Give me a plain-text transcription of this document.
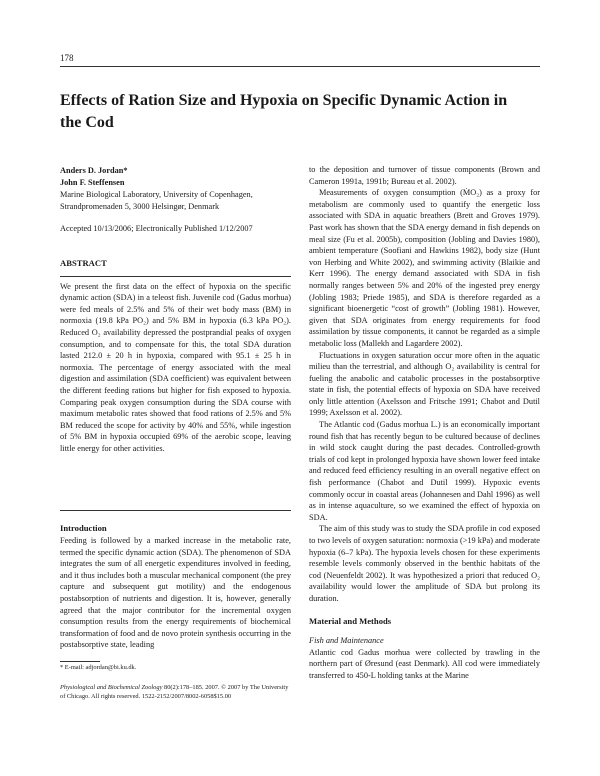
178
Effects of Ration Size and Hypoxia on Specific Dynamic Action in the Cod
Anders D. Jordan*
John F. Steffensen
Marine Biological Laboratory, University of Copenhagen,
Strandpromenaden 5, 3000 Helsingør, Denmark
Accepted 10/13/2006; Electronically Published 1/12/2007
ABSTRACT

We present the first data on the effect of hypoxia on the specific dynamic action (SDA) in a teleost fish. Juvenile cod (Gadus morhua) were fed meals of 2.5% and 5% of their wet body mass (BM) in normoxia (19.8 kPa PO₂) and 5% BM in hypoxia (6.3 kPa PO₂). Reduced O₂ availability depressed the postprandial peaks of oxygen consumption, and to compensate for this, the total SDA duration lasted 212.0 ± 20 h in hypoxia, compared with 95.1 ± 25 h in normoxia. The percentage of energy associated with the meal digestion and assimilation (SDA coefficient) was equivalent between the different feeding rations but higher for fish exposed to hypoxia. Comparing peak oxygen consumption during the SDA course with maximum metabolic rates showed that food rations of 2.5% and 5% BM reduced the scope for activity by 40% and 55%, while ingestion of 5% BM in hypoxia occupied 69% of the aerobic scope, leaving little energy for other activities.

Introduction

Feeding is followed by a marked increase in the metabolic rate, termed the specific dynamic action (SDA). The phenomenon of SDA integrates the sum of all energetic expenditures involved in feeding, and it thus includes both a muscular mechanical component (the prey capture and subsequent gut motility) and the endogenous postabsorption of nutrients and digestion. It is, however, generally agreed that the major contributor for the incremental oxygen consumption results from the energy requirements of biochemical transformation of food and de novo protein synthesis occurring in the postabsorptive state, leading

to the deposition and turnover of tissue components (Brown and Cameron 1991a, 1991b; Bureau et al. 2002).

Measurements of oxygen consumption (ṀO₂) as a proxy for metabolism are commonly used to quantify the energetic loss associated with SDA in aquatic breathers (Brett and Groves 1979). Past work has shown that the SDA energy demand in fish depends on meal size (Fu et al. 2005b), composition (Jobling and Davies 1980), ambient temperature (Soofiani and Hawkins 1982), body size (Hunt von Herbing and White 2002), and swimming activity (Blaikie and Kerr 1996). The energy demand associated with SDA in fish normally ranges between 5% and 20% of the ingested prey energy (Jobling 1983; Priede 1985), and SDA is therefore regarded as a significant bioenergetic “cost of growth” (Jobling 1981). However, given that SDA originates from energy requirements for food assimilation by tissue components, it cannot be regarded as a simple metabolic loss (Mallekh and Lagardere 2002).

Fluctuations in oxygen saturation occur more often in the aquatic milieu than the terrestrial, and although O₂ availability is central for fueling the anabolic and catabolic processes in the postabsorptive state in fish, the potential effects of hypoxia on SDA have received only little attention (Axelsson and Fritsche 1991; Chabot and Dutil 1999; Axelsson et al. 2002).

The Atlantic cod (Gadus morhua L.) is an economically important round fish that has recently begun to be cultured because of declines in wild stock caught during the past decades. Controlled-growth trials of cod kept in prolonged hypoxia have shown lower feed intake and reduced feed efficiency resulting in an overall negative effect on fish performance (Chabot and Dutil 1999). Hypoxic events commonly occur in coastal areas (Johannesen and Dahl 1996) as well as in intense aquaculture, so we examined the effect of hypoxia on SDA.

The aim of this study was to study the SDA profile in cod exposed to two levels of oxygen saturation: normoxia (>19 kPa) and moderate hypoxia (6–7 kPa). The hypoxia levels chosen for these experiments resemble levels commonly observed in the benthic habitats of the cod (Neuenfeldt 2002). It was hypothesized a priori that reduced O₂ availability would lower the amplitude of SDA but prolong its duration.

Material and Methods
Fish and Maintenance

Atlantic cod Gadus morhua were collected by trawling in the northern part of Øresund (east Denmark). All cod were immediately transferred to 450-L holding tanks at the Marine

* E-mail: adjordan@bi.ku.dk.
Physiological and Biochemical Zoology 80(2):178–185. 2007. © 2007 by The University of Chicago. All rights reserved. 1522-2152/2007/8002-6058$15.00
